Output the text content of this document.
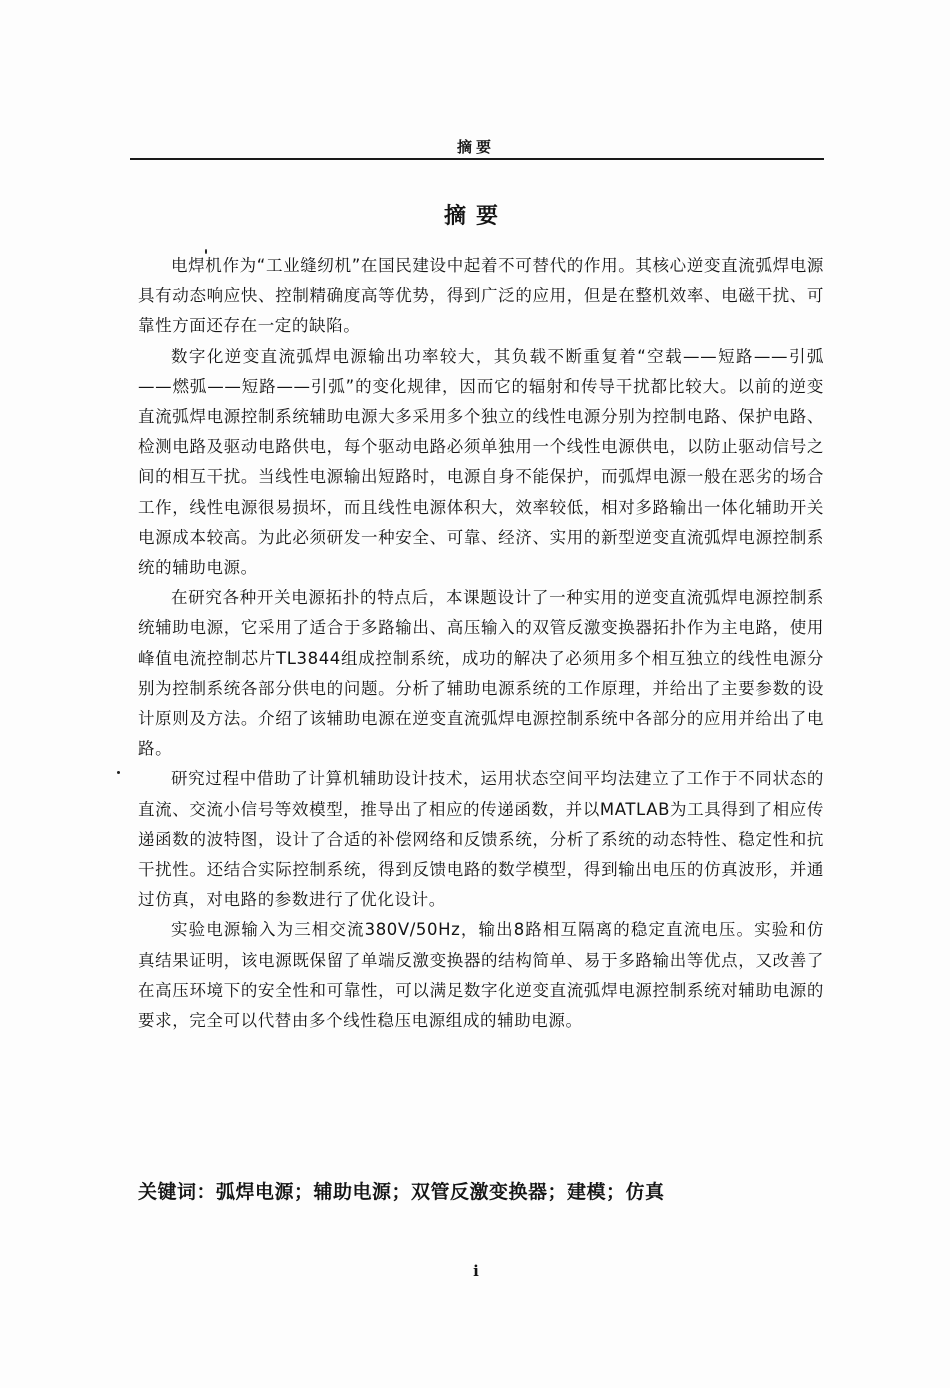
摘要
摘要

电焊机作为“工业缝纫机”在国民建设中起着不可替代的作用。其核心逆变直流弧焊电源具有动态响应快、控制精确度高等优势，得到广泛的应用，但是在整机效率、电磁干扰、可靠性方面还存在一定的缺陷。

数字化逆变直流弧焊电源输出功率较大，其负载不断重复着“空载——短路——引弧——燃弧——短路——引弧”的变化规律，因而它的辐射和传导干扰都比较大。以前的逆变直流弧焊电源控制系统辅助电源大多采用多个独立的线性电源分别为控制电路、保护电路、检测电路及驱动电路供电，每个驱动电路必须单独用一个线性电源供电，以防止驱动信号之间的相互干扰。当线性电源输出短路时，电源自身不能保护，而弧焊电源一般在恶劣的场合工作，线性电源很易损坏，而且线性电源体积大，效率较低，相对多路输出一体化辅助开关电源成本较高。为此必须研发一种安全、可靠、经济、实用的新型逆变直流弧焊电源控制系统的辅助电源。

在研究各种开关电源拓扑的特点后，本课题设计了一种实用的逆变直流弧焊电源控制系统辅助电源，它采用了适合于多路输出、高压输入的双管反激变换器拓扑作为主电路，使用峰值电流控制芯片TL3844组成控制系统，成功的解决了必须用多个相互独立的线性电源分别为控制系统各部分供电的问题。分析了辅助电源系统的工作原理，并给出了主要参数的设计原则及方法。介绍了该辅助电源在逆变直流弧焊电源控制系统中各部分的应用并给出了电路。

研究过程中借助了计算机辅助设计技术，运用状态空间平均法建立了工作于不同状态的直流、交流小信号等效模型，推导出了相应的传递函数，并以MATLAB为工具得到了相应传递函数的波特图，设计了合适的补偿网络和反馈系统，分析了系统的动态特性、稳定性和抗干扰性。还结合实际控制系统，得到反馈电路的数学模型，得到输出电压的仿真波形，并通过仿真，对电路的参数进行了优化设计。

实验电源输入为三相交流380V/50Hz，输出8路相互隔离的稳定直流电压。实验和仿真结果证明，该电源既保留了单端反激变换器的结构简单、易于多路输出等优点，又改善了在高压环境下的安全性和可靠性，可以满足数字化逆变直流弧焊电源控制系统对辅助电源的要求，完全可以代替由多个线性稳压电源组成的辅助电源。

关键词：弧焊电源；辅助电源；双管反激变换器；建模；仿真
i
